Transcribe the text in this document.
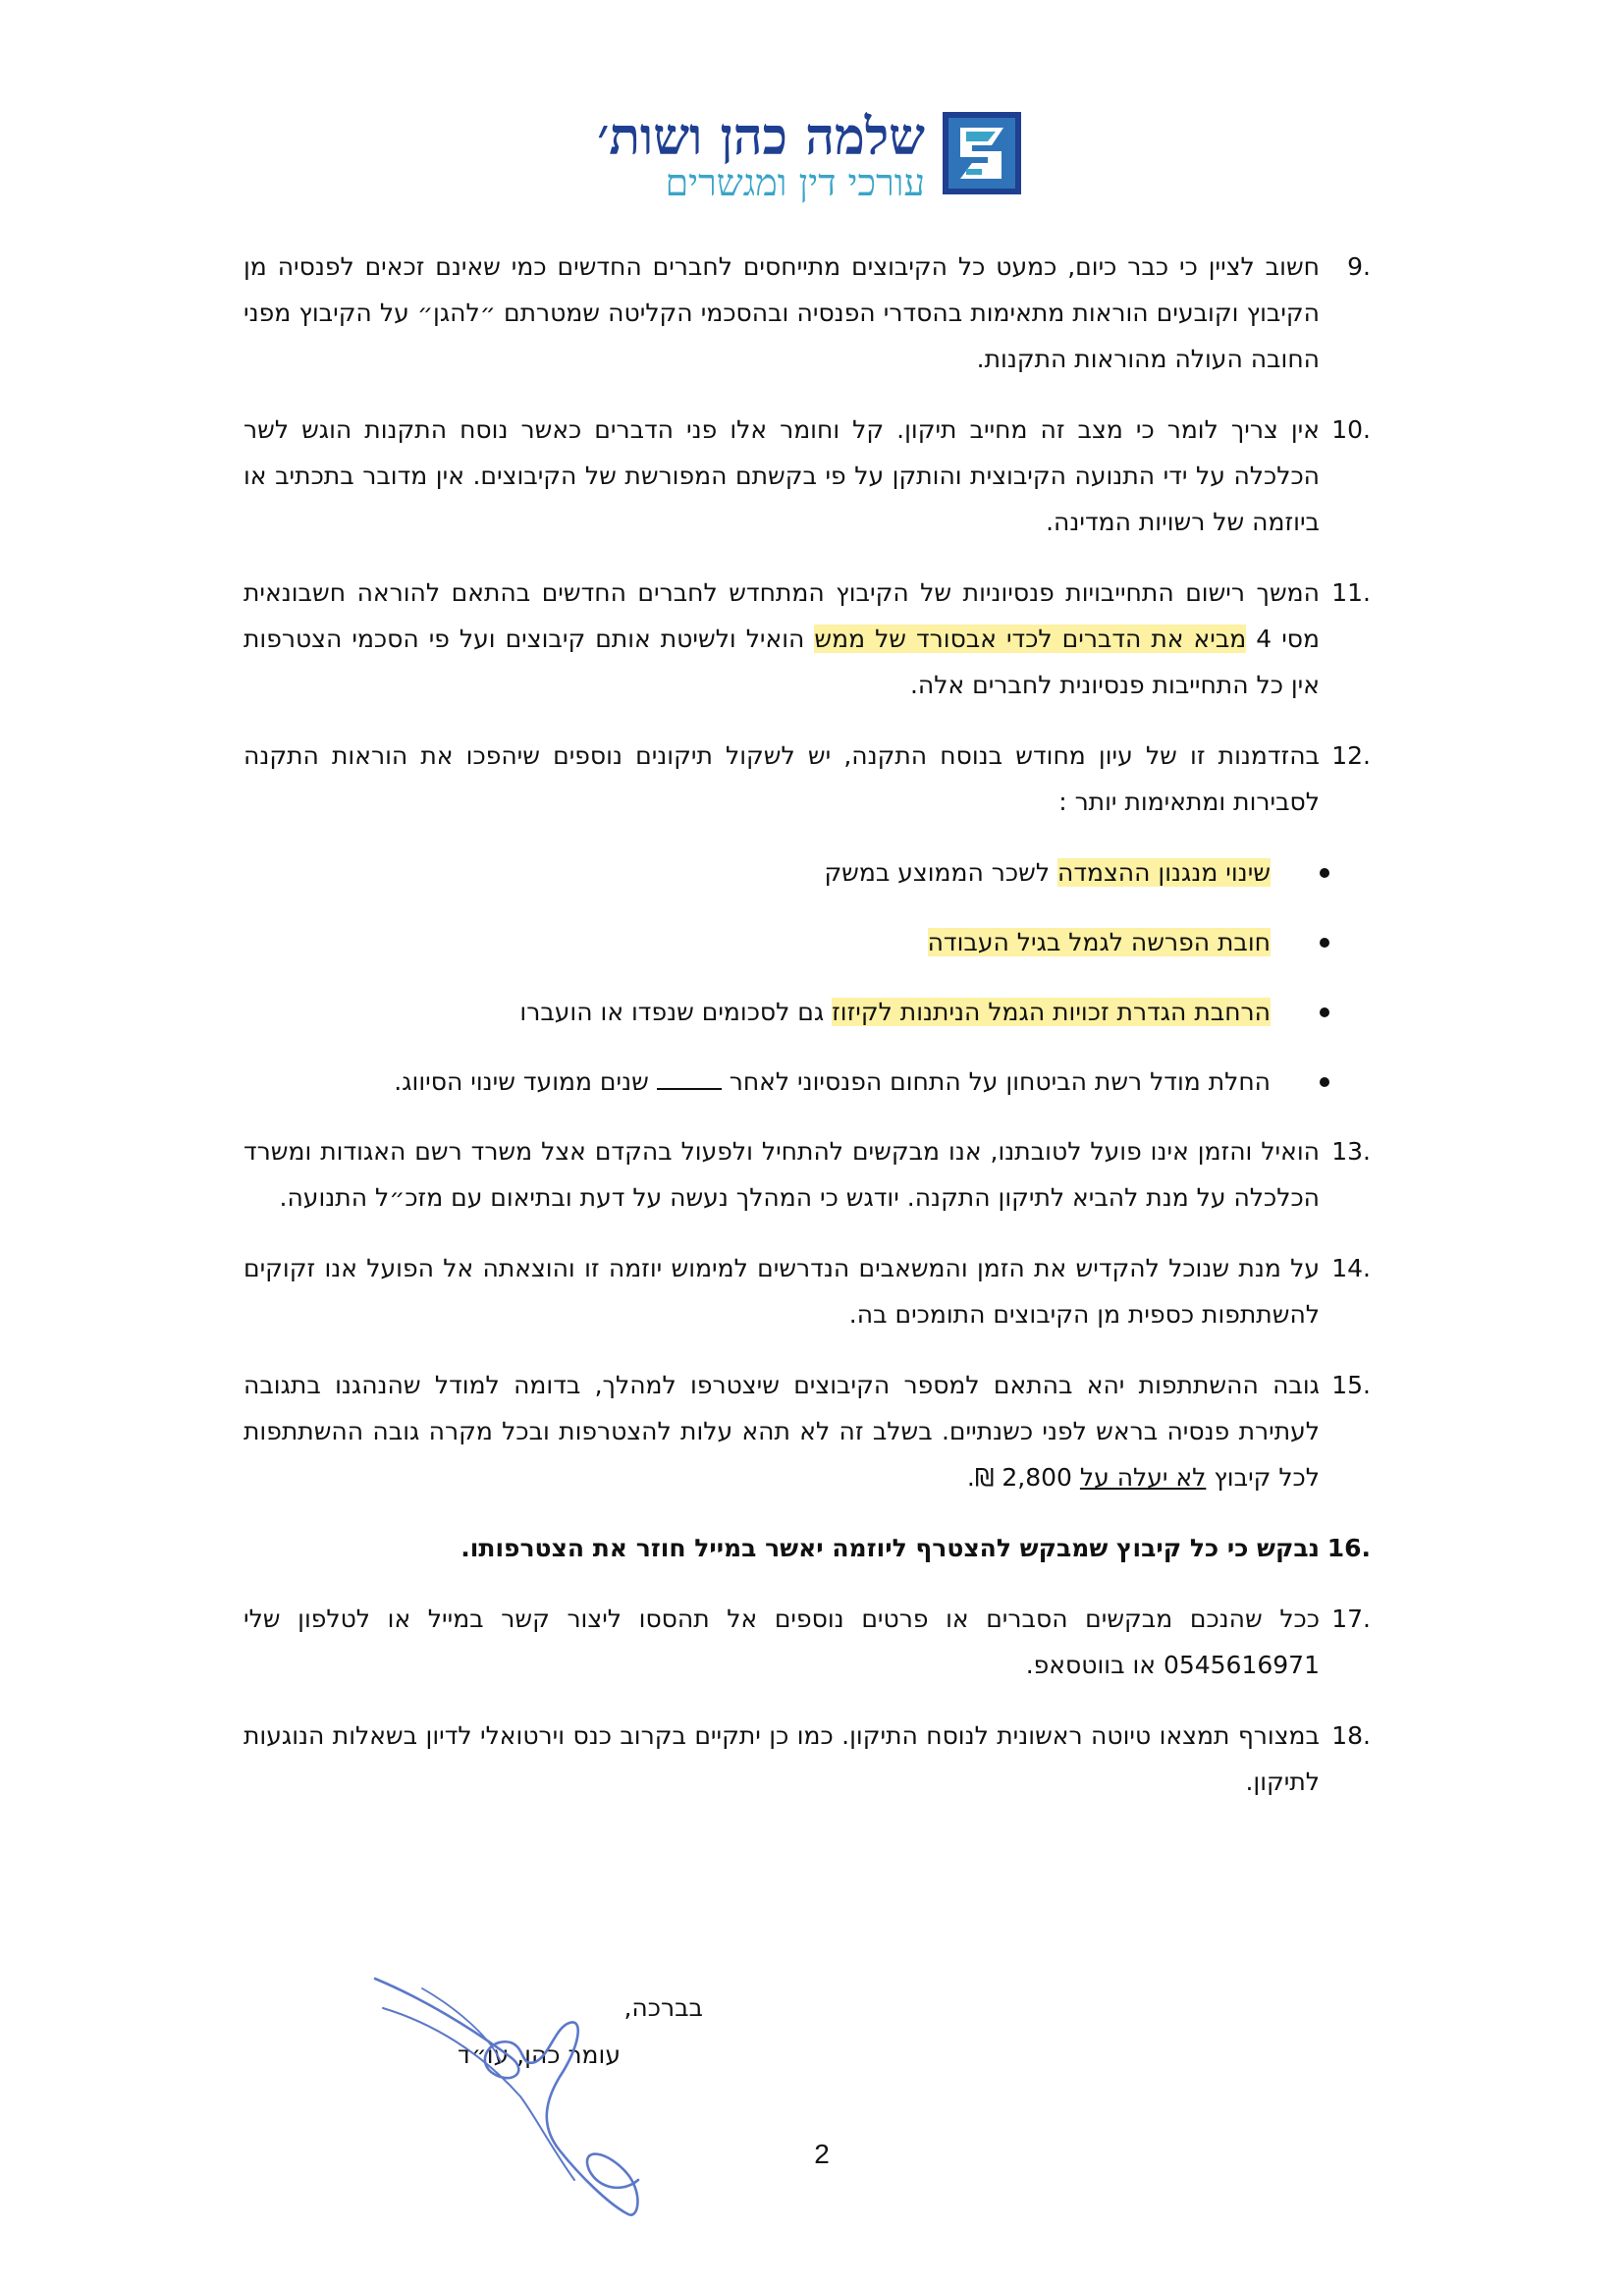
שלמה כהן ושות׳
עורכי דין ומגשרים

9.
חשוב לציין כי כבר כיום, כמעט כל הקיבוצים מתייחסים לחברים החדשים כמי שאינם זכאים לפנסיה מן הקיבוץ וקובעים הוראות מתאימות בהסדרי הפנסיה ובהסכמי הקליטה שמטרתם ״להגן״ על הקיבוץ מפני החובה העולה מהוראות התקנות.

10.
אין צריך לומר כי מצב זה מחייב תיקון. קל וחומר אלו פני הדברים כאשר נוסח התקנות הוגש לשר הכלכלה על ידי התנועה הקיבוצית והותקן על פי בקשתם המפורשת של הקיבוצים. אין מדובר בתכתיב או ביוזמה של רשויות המדינה.

11.
המשך רישום התחייבויות פנסיוניות של הקיבוץ המתחדש לחברים החדשים בהתאם להוראה חשבונאית מסי 4 מביא את הדברים לכדי אבסורד של ממש הואיל ולשיטת אותם קיבוצים ועל פי הסכמי הצטרפות אין כל התחייבות פנסיונית לחברים אלה.

12.
בהזדמנות זו של עיון מחודש בנוסח התקנה, יש לשקול תיקונים נוספים שיהפכו את הוראות התקנה לסבירות ומתאימות יותר :

שינוי מנגנון ההצמדה לשכר הממוצע במשק
חובת הפרשה לגמל בגיל העבודה
הרחבת הגדרת זכויות הגמל הניתנות לקיזוז גם לסכומים שנפדו או הועברו
החלת מודל רשת הביטחון על התחום הפנסיוני לאחר  שנים ממועד שינוי הסיווג.

13.
הואיל והזמן אינו פועל לטובתנו, אנו מבקשים להתחיל ולפעול בהקדם אצל משרד רשם האגודות ומשרד הכלכלה על מנת להביא לתיקון התקנה. יודגש כי המהלך נעשה על דעת ובתיאום עם מזכ״ל התנועה.

14.
על מנת שנוכל להקדיש את הזמן והמשאבים הנדרשים למימוש יוזמה זו והוצאתה אל הפועל אנו זקוקים להשתתפות כספית מן הקיבוצים התומכים בה.

15.
גובה ההשתתפות יהא בהתאם למספר הקיבוצים שיצטרפו למהלך, בדומה למודל שהנהגנו בתגובה לעתירת פנסיה בראש לפני כשנתיים. בשלב זה לא תהא עלות להצטרפות ובכל מקרה גובה ההשתתפות לכל קיבוץ לא יעלה על 2,800 ₪.

16.
נבקש כי כל קיבוץ שמבקש להצטרף ליוזמה יאשר במייל חוזר את הצטרפותו.

17.
ככל שהנכם מבקשים הסברים או פרטים נוספים אל תהססו ליצור קשר במייל או לטלפון שלי 0545616971 או בווטסאפ.

18.
במצורף תמצאו טיוטה ראשונית לנוסח התיקון. כמו כן יתקיים בקרוב כנס וירטואלי לדיון בשאלות הנוגעות לתיקון.

בברכה,
עומר כהן, עו״ד
2
